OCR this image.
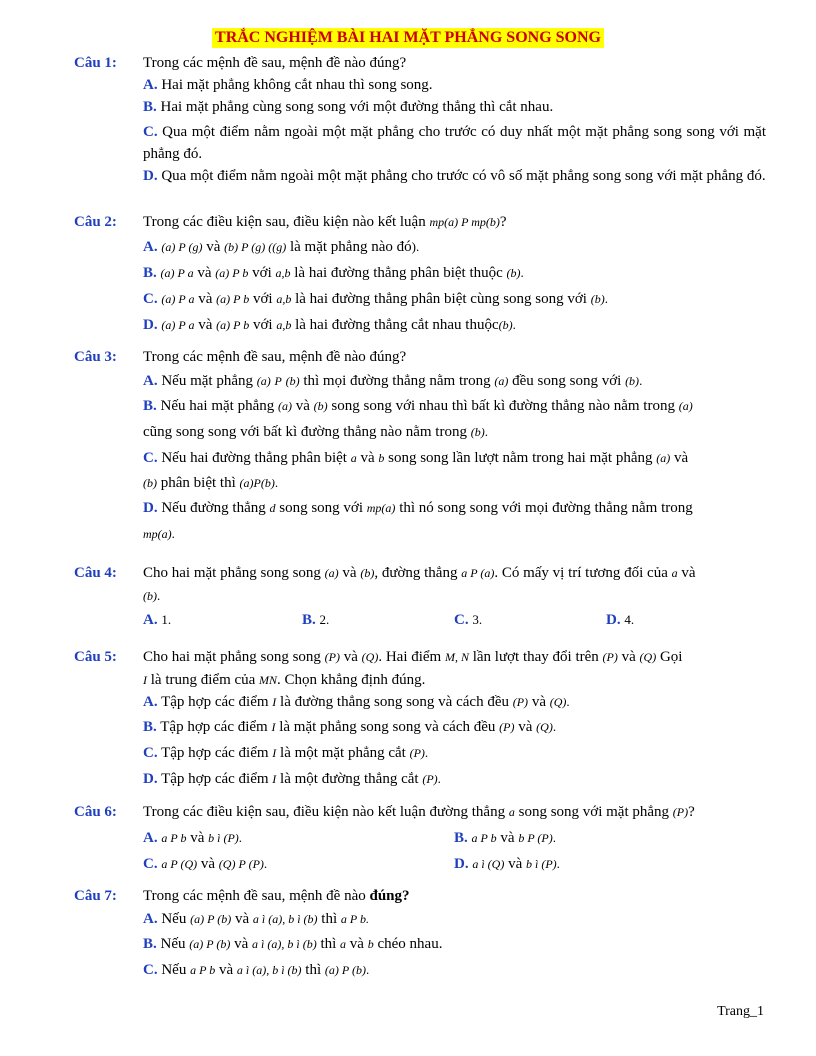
TRẮC NGHIỆM BÀI HAI MẶT PHẲNG SONG SONG
Câu 1: Trong các mệnh đề sau, mệnh đề nào đúng?
A. Hai mặt phẳng không cắt nhau thì song song.
B. Hai mặt phẳng cùng song song với một đường thẳng thì cắt nhau.
C. Qua một điểm nằm ngoài một mặt phẳng cho trước có duy nhất một mặt phẳng song song với mặt phẳng đó.
D. Qua một điểm nằm ngoài một mặt phẳng cho trước có vô số mặt phẳng song song với mặt phẳng đó.
Câu 2: Trong các điều kiện sau, điều kiện nào kết luận mp(a) P mp(b)?
A. (a) P (g) và (b) P (g) ((g) là mặt phẳng nào đó).
B. (a) P a và (a) P b với a,b là hai đường thẳng phân biệt thuộc (b).
C. (a) P a và (a) P b với a,b là hai đường thẳng phân biệt cùng song song với (b).
D. (a) P a và (a) P b với a,b là hai đường thẳng cắt nhau thuộc(b).
Câu 3: Trong các mệnh đề sau, mệnh đề nào đúng?
A. Nếu mặt phẳng (a) P (b) thì mọi đường thẳng nằm trong (a) đều song song với (b).
B. Nếu hai mặt phẳng (a) và (b) song song với nhau thì bất kì đường thẳng nào nằm trong (a)
cũng song song với bất kì đường thẳng nào nằm trong (b).
C. Nếu hai đường thẳng phân biệt a và b song song lần lượt nằm trong hai mặt phẳng (a) và
(b) phân biệt thì (a)P(b).
D. Nếu đường thẳng d song song với mp(a) thì nó song song với mọi đường thẳng nằm trong
mp(a).
Câu 4: Cho hai mặt phẳng song song (a) và (b), đường thẳng a P (a). Có mấy vị trí tương đối của a và
(b).
A. 1.	B. 2.	C. 3.	D. 4.
Câu 5: Cho hai mặt phẳng song song (P) và (Q). Hai điểm M, N lần lượt thay đổi trên (P) và (Q) Gọi
I là trung điểm của MN. Chọn khẳng định đúng.
A. Tập hợp các điểm I là đường thẳng song song và cách đều (P) và (Q).
B. Tập hợp các điểm I là mặt phẳng song song và cách đều (P) và (Q).
C. Tập hợp các điểm I là một mặt phẳng cắt (P).
D. Tập hợp các điểm I là một đường thẳng cắt (P).
Câu 6: Trong các điều kiện sau, điều kiện nào kết luận đường thẳng a song song với mặt phẳng (P)?
A. a P b và b ì (P).	B. a P b và b P (P).
C. a P (Q) và (Q) P (P).	D. a ì (Q) và b ì (P).
Câu 7: Trong các mệnh đề sau, mệnh đề nào đúng?
A. Nếu (a) P (b) và a ì (a), b ì (b) thì a P b.
B. Nếu (a) P (b) và a ì (a), b ì (b) thì a và b chéo nhau.
C. Nếu a P b và a ì (a), b ì (b) thì (a) P (b).
Trang_1
